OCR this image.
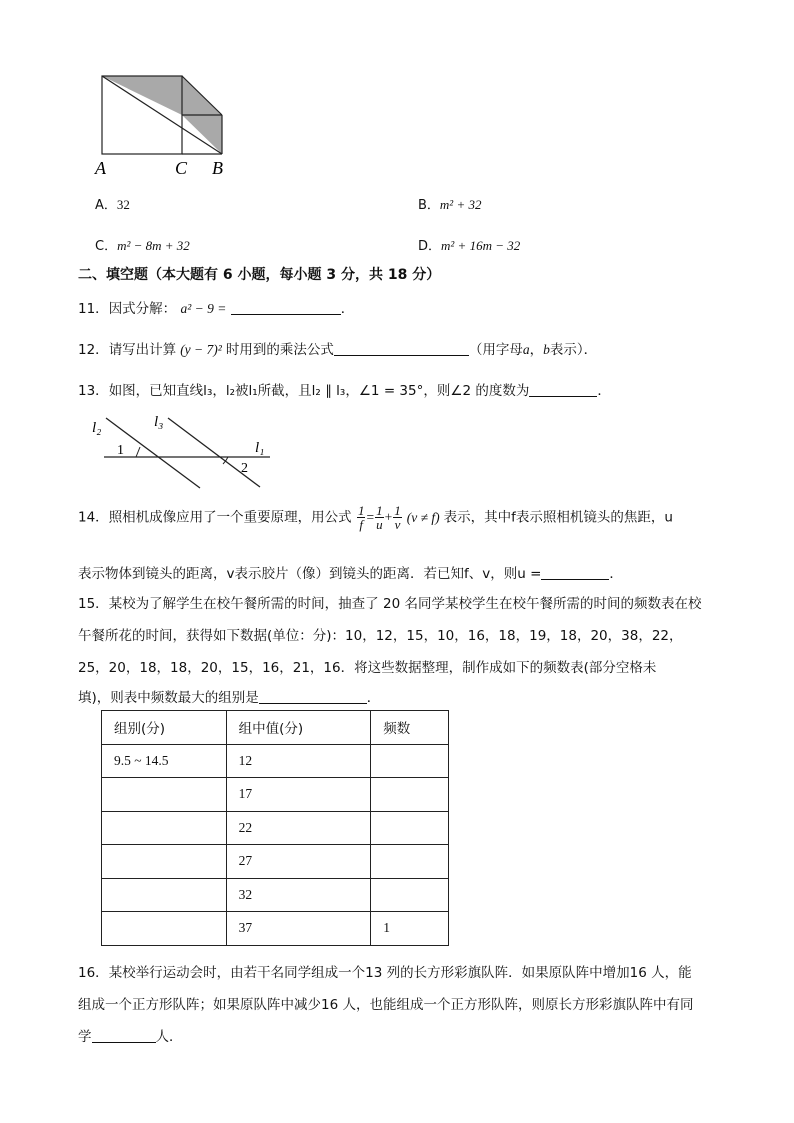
A	C B
A．32	B．m² + 32
C．m² − 8m + 32	D．m² + 16m − 32
二、填空题（本大题有 6 小题，每小题 3 分，共 18 分）
11．因式分解： a² − 9 =	．
12．请写出计算 (y − 7)² 时用到的乘法公式	（用字母a，b表示）．
13．如图，已知直线l₃，l₂被l₁所截，且l₂ ∥ l₃，∠1 = 35°，则∠2 的度数为	．
l₂	l₃
l₁
1
2
14．照相机成像应用了一个重要原理，用公式 $\frac{1}{f} = \frac{1}{u} + \frac{1}{v} (v \ne f)$ 表示，其中f表示照相机镜头的焦距，u
表示物体到镜头的距离，v表示胶片（像）到镜头的距离．若已知f、v，则u =	．
15．某校为了解学生在校午餐所需的时间，抽查了 20 名同学某校学生在校午餐所需的时间的频数表在校
午餐所花的时间，获得如下数据(单位：分)：10，12，15，10，16，18，19，18，20，38，22，
25，20，18，18，20，15，16，21，16．将这些数据整理，制作成如下的频数表(部分空格未
填)，则表中频数最大的组别是	．
组别(分)	组中值(分)	频数
9.5 ~ 14.5	12	
	17	
	22	
	27	
	32	
	37	1
16．某校举行运动会时，由若干名同学组成一个13 列的长方形彩旗队阵．如果原队阵中增加16 人，能
组成一个正方形队阵；如果原队阵中减少16 人，也能组成一个正方形队阵，则原长方形彩旗队阵中有同
学	人．
